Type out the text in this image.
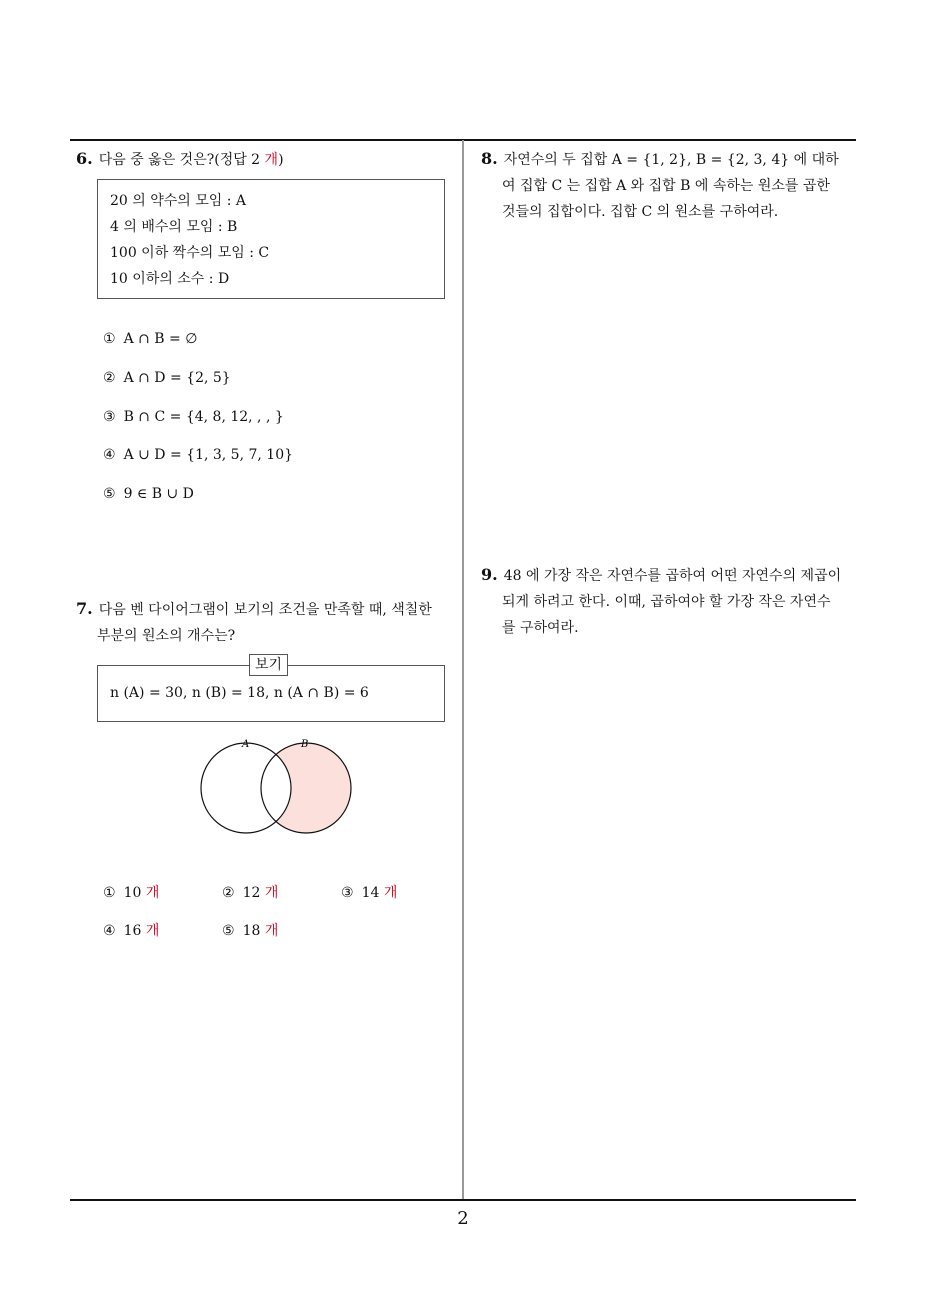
6. 다음 중 옳은 것은?(정답 2 개)
20 의 약수의 모임 : A
4 의 배수의 모임 : B
100 이하 짝수의 모임 : C
10 이하의 소수 : D
① A ∩ B = ∅
② A ∩ D = {2, 5}
③ B ∩ C = {4, 8, 12, , , }
④ A ∪ D = {1, 3, 5, 7, 10}
⑤ 9 ∈ B ∪ D
7. 다음 벤 다이어그램이 보기의 조건을 만족할 때, 색칠한
부분의 원소의 개수는?
보기
n (A) = 30, n (B) = 18, n (A ∩ B) = 6
A	B
① 10 개	② 12 개	③ 14 개
④ 16 개	⑤ 18 개
8. 자연수의 두 집합 A = {1, 2}, B = {2, 3, 4} 에 대하
여 집합 C 는 집합 A 와 집합 B 에 속하는 원소를 곱한
것들의 집합이다. 집합 C 의 원소를 구하여라.
9. 48 에 가장 작은 자연수를 곱하여 어떤 자연수의 제곱이
되게 하려고 한다. 이때, 곱하여야 할 가장 작은 자연수
를 구하여라.
2
